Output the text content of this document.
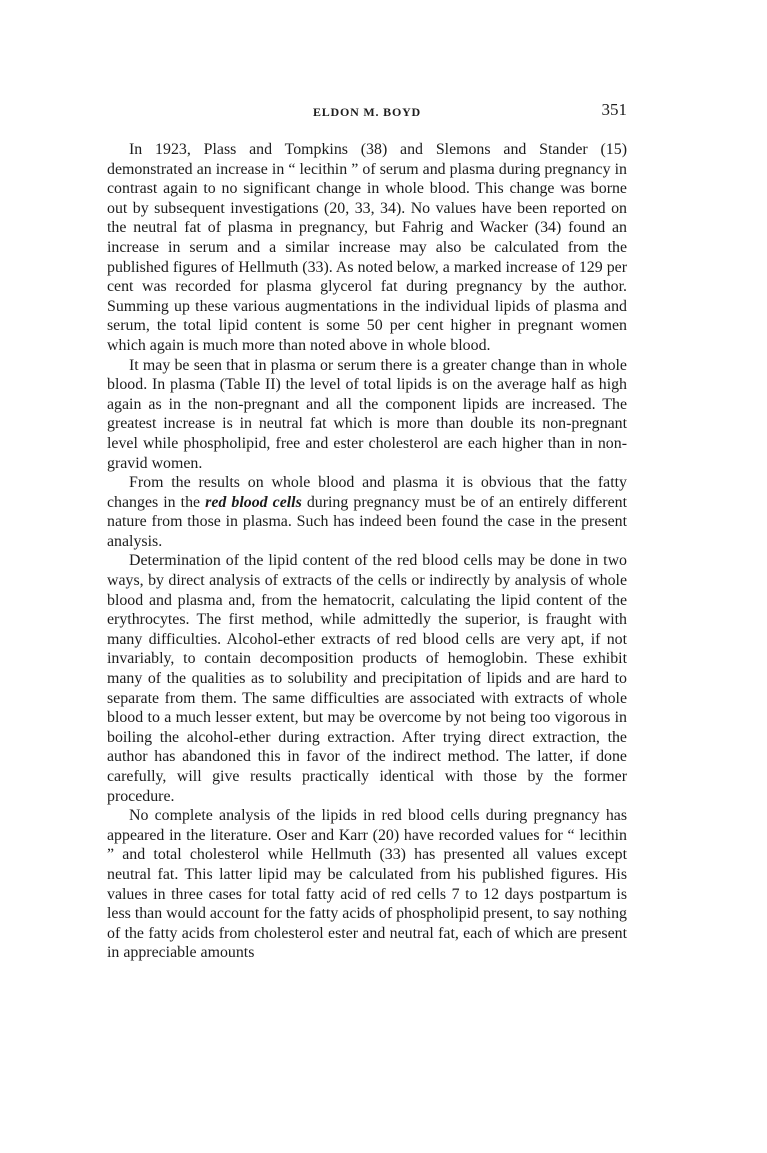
ELDON M. BOYD	351

In 1923, Plass and Tompkins (38) and Slemons and Stander (15) demonstrated an increase in “ lecithin ” of serum and plasma during pregnancy in contrast again to no significant change in whole blood. This change was borne out by subsequent investigations (20, 33, 34). No values have been reported on the neutral fat of plasma in pregnancy, but Fahrig and Wacker (34) found an increase in serum and a similar increase may also be calculated from the published figures of Hellmuth (33). As noted below, a marked increase of 129 per cent was recorded for plasma glycerol fat during pregnancy by the author. Summing up these various augmentations in the individual lipids of plasma and serum, the total lipid content is some 50 per cent higher in pregnant women which again is much more than noted above in whole blood.

It may be seen that in plasma or serum there is a greater change than in whole blood. In plasma (Table II) the level of total lipids is on the average half as high again as in the non-pregnant and all the component lipids are increased. The greatest increase is in neutral fat which is more than double its non-pregnant level while phospholipid, free and ester cholesterol are each higher than in non-gravid women.

From the results on whole blood and plasma it is obvious that the fatty changes in the red blood cells during pregnancy must be of an entirely different nature from those in plasma. Such has indeed been found the case in the present analysis.

Determination of the lipid content of the red blood cells may be done in two ways, by direct analysis of extracts of the cells or indirectly by analysis of whole blood and plasma and, from the hematocrit, calculating the lipid content of the erythrocytes. The first method, while admittedly the superior, is fraught with many difficulties. Alcohol-ether extracts of red blood cells are very apt, if not invariably, to contain decomposition products of hemoglobin. These exhibit many of the qualities as to solubility and precipitation of lipids and are hard to separate from them. The same difficulties are associated with extracts of whole blood to a much lesser extent, but may be overcome by not being too vigorous in boiling the alcohol-ether during extraction. After trying direct extraction, the author has abandoned this in favor of the indirect method. The latter, if done carefully, will give results practically identical with those by the former procedure.

No complete analysis of the lipids in red blood cells during pregnancy has appeared in the literature. Oser and Karr (20) have recorded values for “ lecithin ” and total cholesterol while Hellmuth (33) has presented all values except neutral fat. This latter lipid may be calculated from his published figures. His values in three cases for total fatty acid of red cells 7 to 12 days postpartum is less than would account for the fatty acids of phospholipid present, to say nothing of the fatty acids from cholesterol ester and neutral fat, each of which are present in appreciable amounts
